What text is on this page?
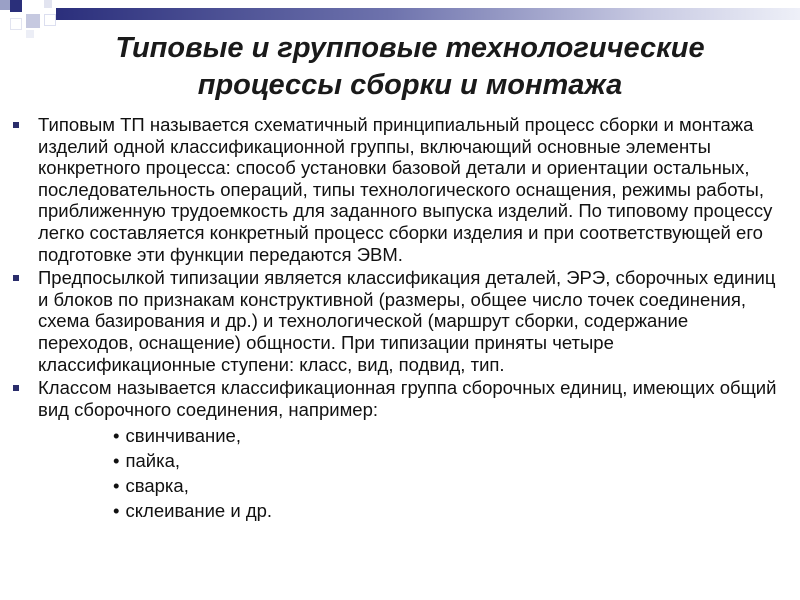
Типовые и групповые технологические процессы сборки и монтажа
Типовым ТП называется схематичный принципиальный процесс сборки и монтажа изделий одной классификационной группы, включающий основные элементы конкретного процесса: способ установки базовой детали и ориентации остальных, последовательность операций, типы технологического оснащения, режимы работы, приближенную трудоемкость для заданного выпуска изделий. По типовому процессу легко составляется конкретный процесс сборки изделия и при соответствующей его подготовке эти функции передаются ЭВМ.
Предпосылкой типизации является классификация деталей, ЭРЭ, сборочных единиц и блоков по признакам конструктивной (размеры, общее число точек соединения, схема базирования и др.) и технологической (маршрут сборки, содержание переходов, оснащение) общности. При типизации приняты четыре классификационные ступени: класс, вид, подвид, тип.
Классом называется классификационная группа сборочных единиц, имеющих общий вид сборочного соединения, например:
• свинчивание,
• пайка,
• сварка,
• склеивание и др.
